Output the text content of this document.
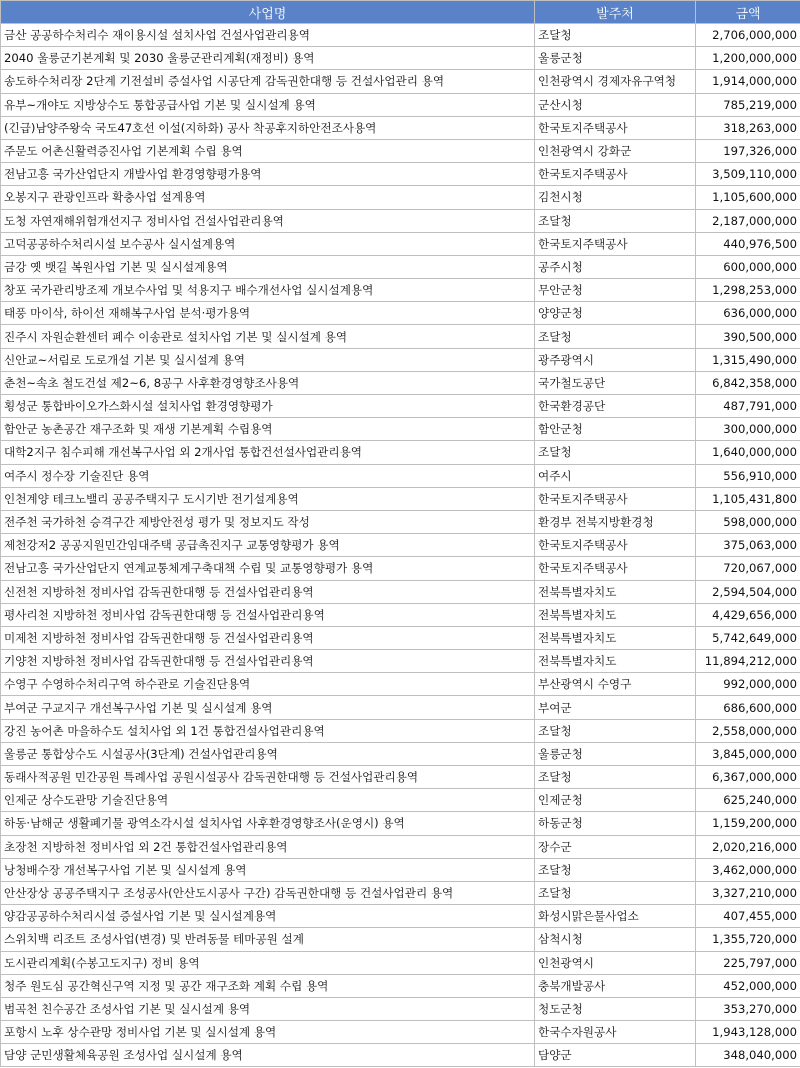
사업명	발주처	금액
금산 공공하수처리수 재이용시설 설치사업 건설사업관리용역	조달청	2,706,000,000
2040 울릉군기본계획 및 2030 울릉군관리계획(재정비) 용역	울릉군청	1,200,000,000
송도하수처리장 2단계 기전설비 증설사업 시공단계 감독권한대행 등 건설사업관리 용역	인천광역시 경제자유구역청	1,914,000,000
유부~개야도 지방상수도 통합공급사업 기본 및 실시설계 용역	군산시청	785,219,000
(긴급)남양주왕숙 국도47호선 이설(지하화) 공사 착공후지하안전조사용역	한국토지주택공사	318,263,000
주문도 어촌신활력증진사업 기본계획 수립 용역	인천광역시 강화군	197,326,000
전남고흥 국가산업단지 개발사업 환경영향평가용역	한국토지주택공사	3,509,110,000
오봉지구 관광인프라 확충사업 설계용역	김천시청	1,105,600,000
도청 자연재해위험개선지구 정비사업 건설사업관리용역	조달청	2,187,000,000
고덕공공하수처리시설 보수공사 실시설계용역	한국토지주택공사	440,976,500
금강 옛 뱃길 복원사업 기본 및 실시설계용역	공주시청	600,000,000
창포 국가관리방조제 개보수사업 및 석용지구 배수개선사업 실시설계용역	무안군청	1,298,253,000
태풍 마이삭, 하이선 재해복구사업 분석·평가용역	양양군청	636,000,000
진주시 자원순환센터 폐수 이송관로 설치사업 기본 및 실시설계 용역	조달청	390,500,000
신안교~서림로 도로개설 기본 및 실시설계 용역	광주광역시	1,315,490,000
춘천~속초 철도건설 제2~6, 8공구 사후환경영향조사용역	국가철도공단	6,842,358,000
횡성군 통합바이오가스화시설 설치사업 환경영향평가	한국환경공단	487,791,000
함안군 농촌공간 재구조화 및 재생 기본계획 수립용역	함안군청	300,000,000
대학2지구 침수피해 개선복구사업 외 2개사업 통합건선설사업관리용역	조달청	1,640,000,000
여주시 정수장 기술진단 용역	여주시	556,910,000
인천계양 테크노밸리 공공주택지구 도시기반 전기설계용역	한국토지주택공사	1,105,431,800
전주천 국가하천 승격구간 제방안전성 평가 및 정보지도 작성	환경부 전북지방환경청	598,000,000
제천강저2 공공지원민간임대주택 공급촉진지구 교통영향평가 용역	한국토지주택공사	375,063,000
전남고흥 국가산업단지 연계교통체계구축대책 수립 및 교통영향평가 용역	한국토지주택공사	720,067,000
신전천 지방하천 정비사업 감독권한대행 등 건설사업관리용역	전북특별자치도	2,594,504,000
평사리천 지방하천 정비사업 감독권한대행 등 건설사업관리용역	전북특별자치도	4,429,656,000
미제천 지방하천 정비사업 감독권한대행 등 건설사업관리용역	전북특별자치도	5,742,649,000
기양천 지방하천 정비사업 감독권한대행 등 건설사업관리용역	전북특별자치도	11,894,212,000
수영구 수영하수처리구역 하수관로 기술진단용역	부산광역시 수영구	992,000,000
부여군 구교지구 개선복구사업 기본 및 실시설계 용역	부여군	686,600,000
강진 농어촌 마을하수도 설치사업 외 1건 통합건설사업관리용역	조달청	2,558,000,000
울릉군 통합상수도 시설공사(3단계) 건설사업관리용역	울릉군청	3,845,000,000
동래사적공원 민간공원 특례사업 공원시설공사 감독권한대행 등 건설사업관리용역	조달청	6,367,000,000
인제군 상수도관망 기술진단용역	인제군청	625,240,000
하동·남해군 생활폐기물 광역소각시설 설치사업 사후환경영향조사(운영시) 용역	하동군청	1,159,200,000
초장천 지방하천 정비사업 외 2건 통합건설사업관리용역	장수군	2,020,216,000
낭청배수장 개선복구사업 기본 및 실시설계 용역	조달청	3,462,000,000
안산장상 공공주택지구 조성공사(안산도시공사 구간) 감독권한대행 등 건설사업관리 용역	조달청	3,327,210,000
양감공공하수처리시설 증설사업 기본 및 실시설계용역	화성시맑은물사업소	407,455,000
스위치백 리조트 조성사업(변경) 및 반려동물 테마공원 설계	삼척시청	1,355,720,000
도시관리계획(수봉고도지구) 정비 용역	인천광역시	225,797,000
청주 원도심 공간혁신구역 지정 및 공간 재구조화 계획 수립 용역	충북개발공사	452,000,000
범곡천 친수공간 조성사업 기본 및 실시설계 용역	청도군청	353,270,000
포항시 노후 상수관망 정비사업 기본 및 실시설계 용역	한국수자원공사	1,943,128,000
담양 군민생활체육공원 조성사업 실시설계 용역	담양군	348,040,000
